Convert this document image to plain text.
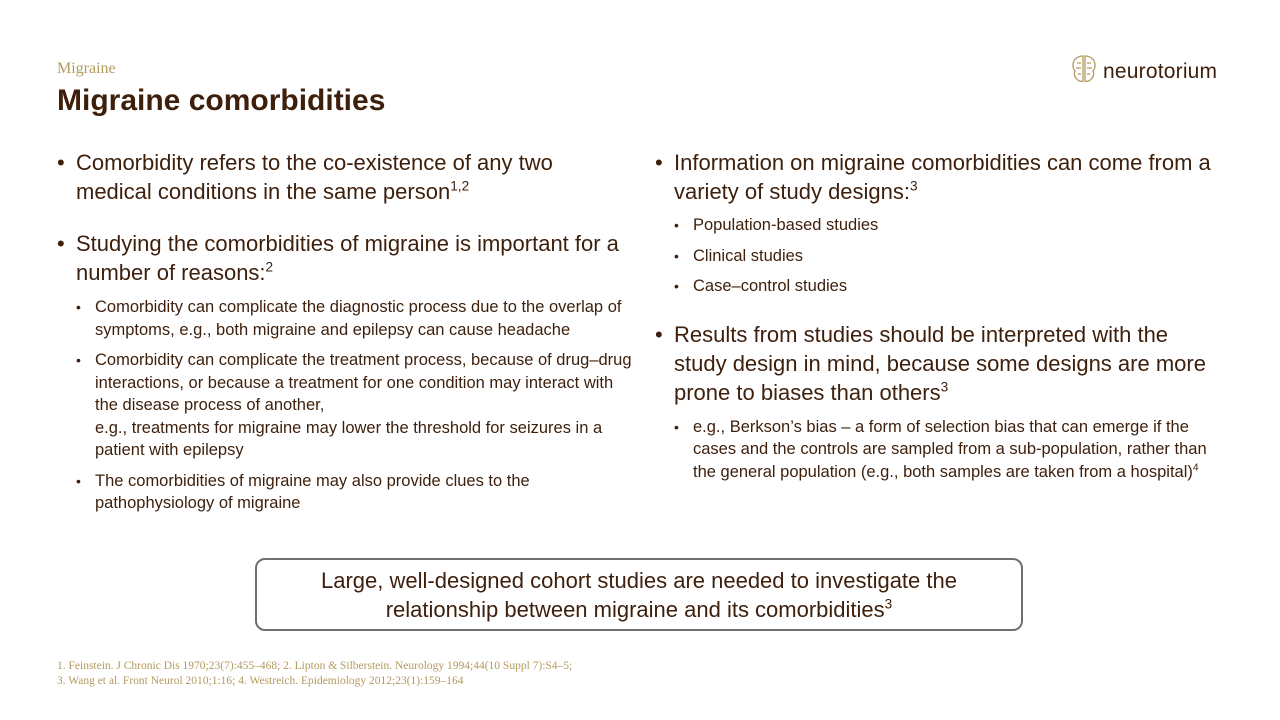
Migraine
Migraine comorbidities
neurotorium
• Comorbidity refers to the co-existence of any two medical conditions in the same person$^{1,2}$
• Studying the comorbidities of migraine is important for a number of reasons:$^2$
• Comorbidity can complicate the diagnostic process due to the overlap of symptoms, e.g., both migraine and epilepsy can cause headache
• Comorbidity can complicate the treatment process, because of drug–drug interactions, or because a treatment for one condition may interact with the disease process of another,
e.g., treatments for migraine may lower the threshold for seizures in a patient with epilepsy
• The comorbidities of migraine may also provide clues to the pathophysiology of migraine
• Information on migraine comorbidities can come from a variety of study designs:$^3$
• Population-based studies
• Clinical studies
• Case–control studies
• Results from studies should be interpreted with the study design in mind, because some designs are more prone to biases than others$^3$
• e.g., Berkson’s bias – a form of selection bias that can emerge if the cases and the controls are sampled from a sub-population, rather than the general population (e.g., both samples are taken from a hospital)$^4$
Large, well-designed cohort studies are needed to investigate the
relationship between migraine and its comorbidities$^3$
1. Feinstein. J Chronic Dis 1970;23(7):455–468; 2. Lipton & Silberstein. Neurology 1994;44(10 Suppl 7):S4–5;
3. Wang et al. Front Neurol 2010;1:16; 4. Westreich. Epidemiology 2012;23(1):159–164
